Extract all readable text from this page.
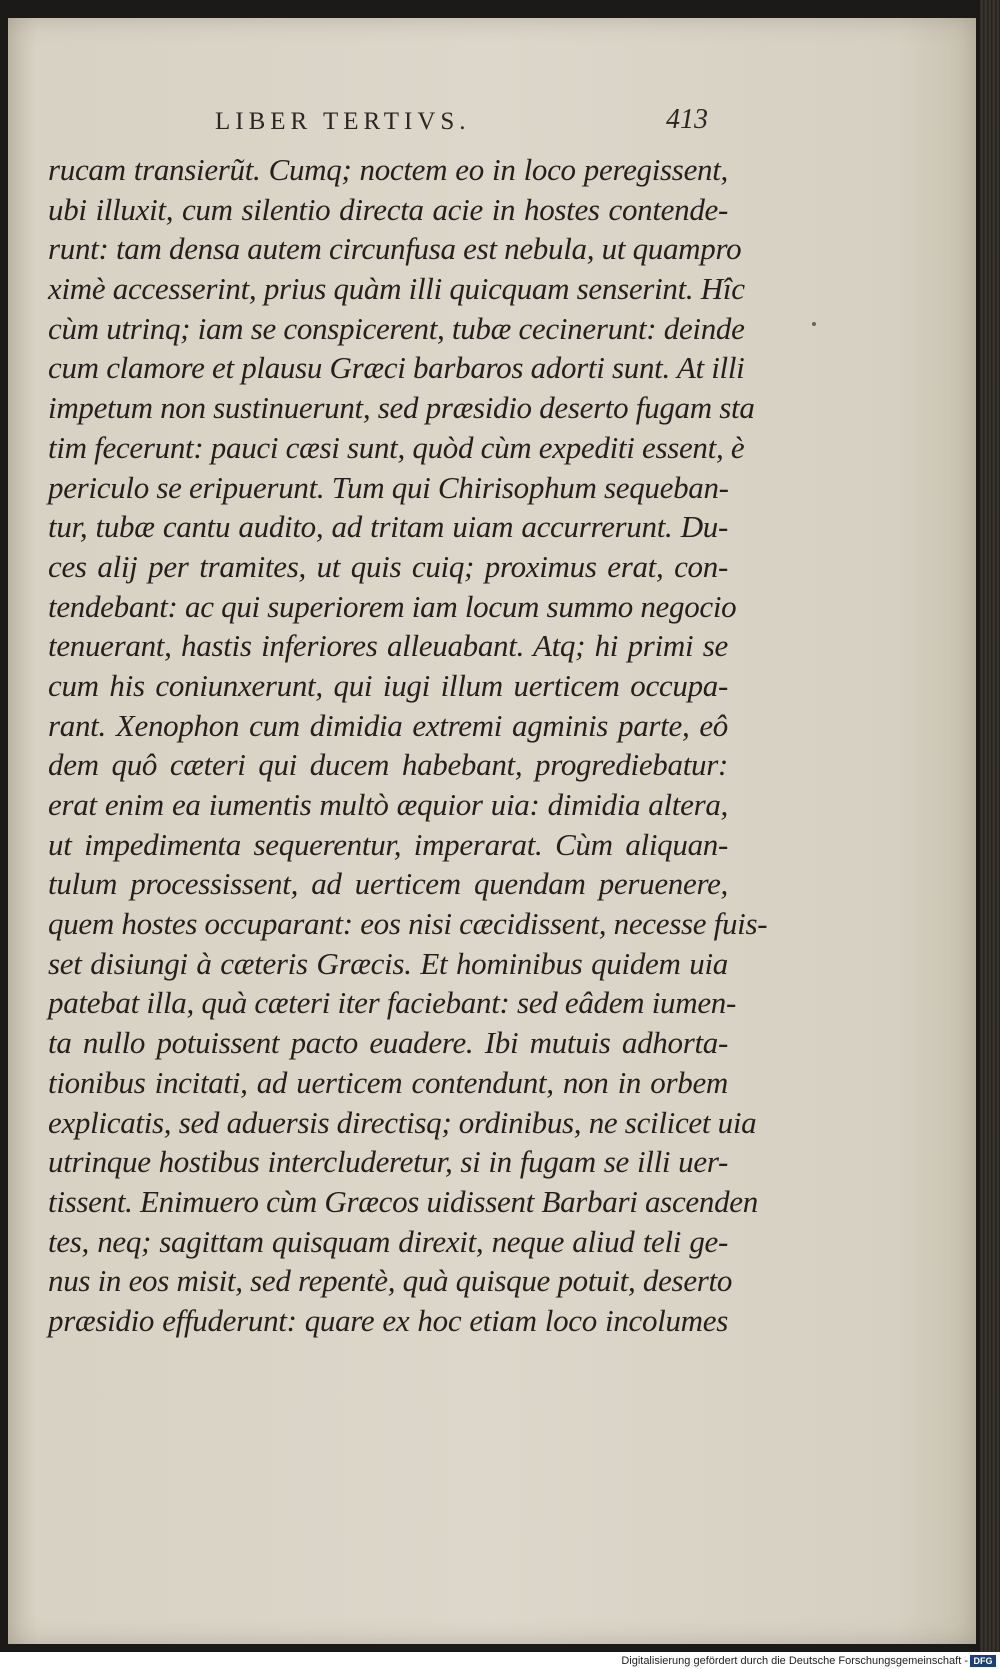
LIBER TERTIVS.	413
rucam transierũt. Cumq; noctem eo in loco peregissent,
ubi illuxit, cum silentio directa acie in hostes contende-
runt: tam densa autem circunfusa est nebula, ut quampro
ximè accesserint, prius quàm illi quicquam senserint. Hîc
cùm utrinq; iam se conspicerent, tubæ cecinerunt: deinde
cum clamore et plausu Græci barbaros adorti sunt. At illi
impetum non sustinuerunt, sed præsidio deserto fugam sta
tim fecerunt: pauci cæsi sunt, quòd cùm expediti essent, è
periculo se eripuerunt. Tum qui Chirisophum sequeban-
tur, tubæ cantu audito, ad tritam uiam accurrerunt. Du-
ces alij per tramites, ut quis cuiq; proximus erat, con-
tendebant: ac qui superiorem iam locum summo negocio
tenuerant, hastis inferiores alleuabant. Atq; hi primi se
cum his coniunxerunt, qui iugi illum uerticem occupa-
rant. Xenophon cum dimidia extremi agminis parte, eô
dem quô cæteri qui ducem habebant, progrediebatur:
erat enim ea iumentis multò æquior uia: dimidia altera,
ut impedimenta sequerentur, imperarat. Cùm aliquan-
tulum processissent, ad uerticem quendam peruenere,
quem hostes occuparant: eos nisi cæcidissent, necesse fuis-
set disiungi à cæteris Græcis. Et hominibus quidem uia
patebat illa, quà cæteri iter faciebant: sed eâdem iumen-
ta nullo potuissent pacto euadere. Ibi mutuis adhorta-
tionibus incitati, ad uerticem contendunt, non in orbem
explicatis, sed aduersis directisq; ordinibus, ne scilicet uia
utrinque hostibus intercluderetur, si in fugam se illi uer-
tissent. Enimuero cùm Græcos uidissent Barbari ascenden
tes, neq; sagittam quisquam direxit, neque aliud teli ge-
nus in eos misit, sed repentè, quà quisque potuit, deserto
præsidio effuderunt: quare ex hoc etiam loco incolumes
Digitalisierung gefördert durch die Deutsche Forschungsgemeinschaft - DFG
